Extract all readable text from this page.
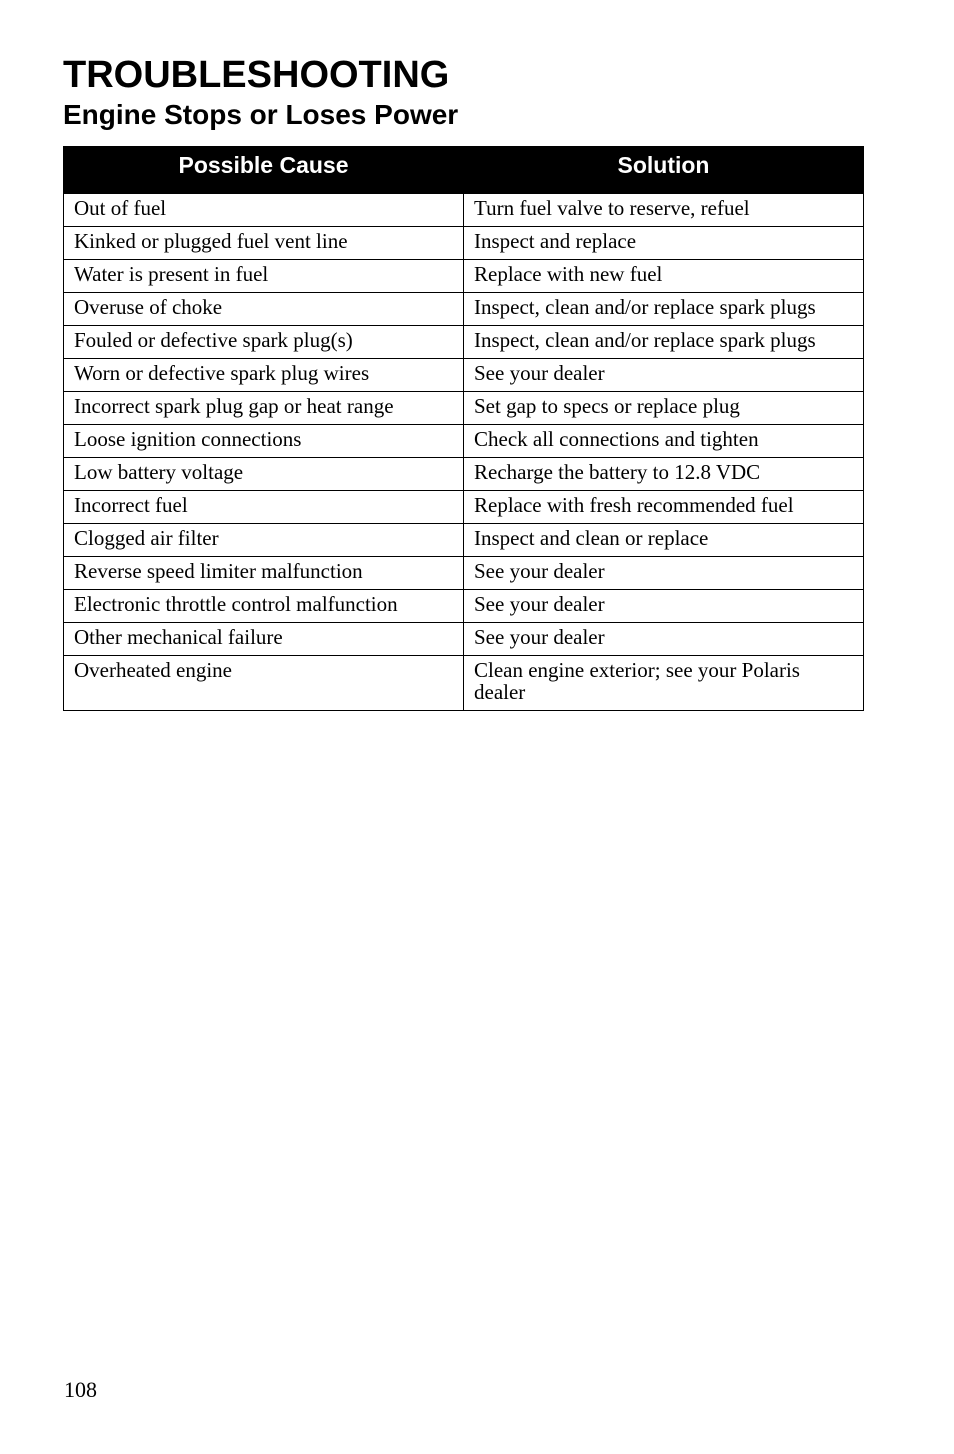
TROUBLESHOOTING
Engine Stops or Loses Power
Possible Cause	Solution
Out of fuel	Turn fuel valve to reserve, refuel
Kinked or plugged fuel vent line	Inspect and replace
Water is present in fuel	Replace with new fuel
Overuse of choke	Inspect, clean and/or replace spark plugs
Fouled or defective spark plug(s)	Inspect, clean and/or replace spark plugs
Worn or defective spark plug wires	See your dealer
Incorrect spark plug gap or heat range	Set gap to specs or replace plug
Loose ignition connections	Check all connections and tighten
Low battery voltage	Recharge the battery to 12.8 VDC
Incorrect fuel	Replace with fresh recommended fuel
Clogged air filter	Inspect and clean or replace
Reverse speed limiter malfunction	See your dealer
Electronic throttle control malfunction	See your dealer
Other mechanical failure	See your dealer
Overheated engine	Clean engine exterior; see your Polaris dealer
108
